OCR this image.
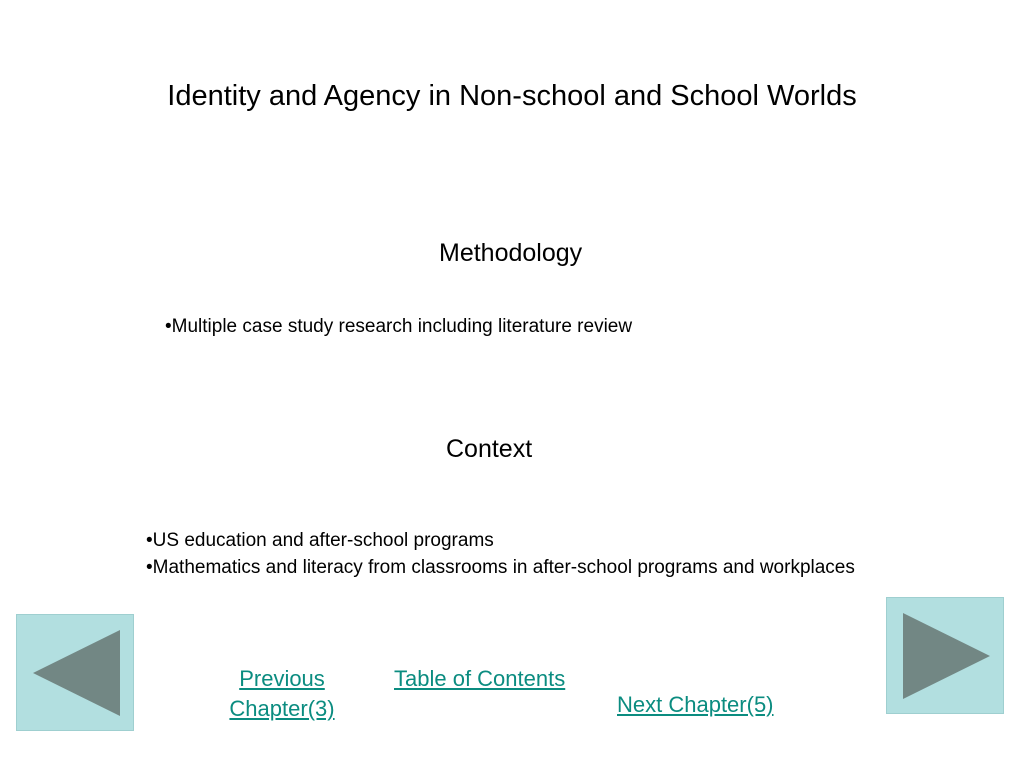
Identity and Agency in Non-school and School Worlds
Methodology
•Multiple case study research including literature review
Context
•US education and after-school programs
•Mathematics and literacy from classrooms in after-school programs and workplaces
Previous
Chapter(3)
Table of Contents
Next Chapter(5)
